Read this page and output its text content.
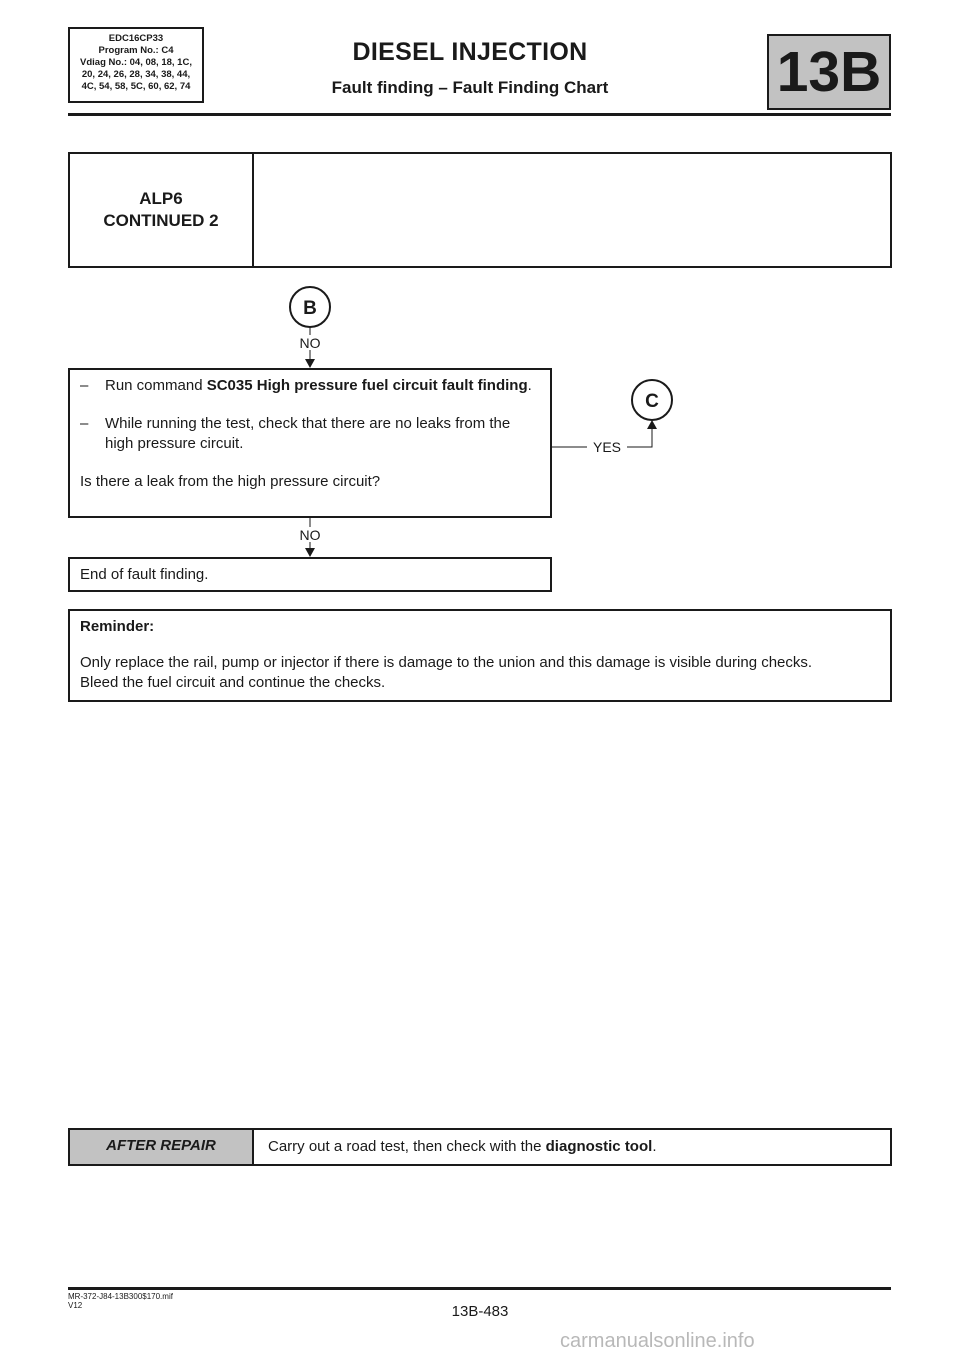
EDC16CP33
Program No.: C4
Vdiag No.: 04, 08, 18, 1C,
20, 24, 26, 28, 34, 38, 44,
4C, 54, 58, 5C, 60, 62, 74
DIESEL INJECTION
Fault finding – Fault Finding Chart	13B
ALP6
CONTINUED 2
B
NO
NO
YES
C
– Run command SC035 High pressure fuel circuit fault finding.
– While running the test, check that there are no leaks from the high pressure circuit.
Is there a leak from the high pressure circuit?
End of fault finding.
Reminder:
Only replace the rail, pump or injector if there is damage to the union and this damage is visible during checks.
Bleed the fuel circuit and continue the checks.
AFTER REPAIR	Carry out a road test, then check with the diagnostic tool.
MR-372-J84-13B300$170.mif
V12	13B-483
carmanualsonline.info
